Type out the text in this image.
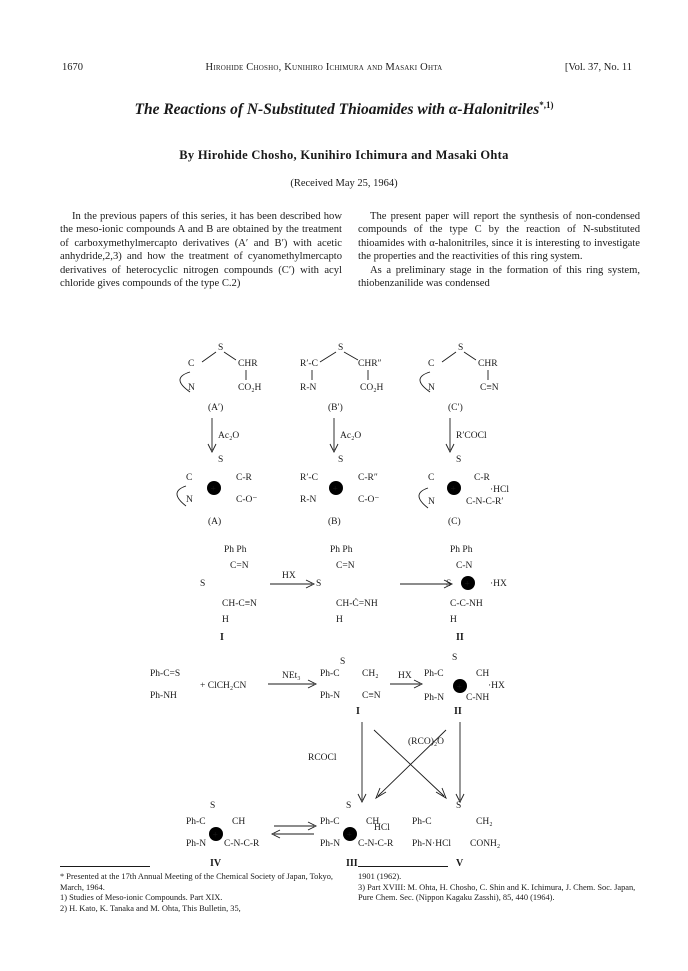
1670	Hirohide Chosho, Kunihiro Ichimura and Masaki Ohta	[Vol. 37, No. 11
The Reactions of N-Substituted Thioamides with α-Halonitriles$^{*,1)}$
By Hirohide Chosho, Kunihiro Ichimura and Masaki Ohta
(Received May 25, 1964)

In the previous papers of this series, it has been described how the meso-ionic compounds A and B are obtained by the treatment of carboxymethylmercapto derivatives (A′ and B′) with acetic anhydride,2,3) and how the treatment of cyanomethylmercapto derivatives of heterocyclic nitrogen compounds (C′) with acyl chloride gives compounds of the type C.2)

The present paper will report the synthesis of non-condensed compounds of the type C by the reaction of N-substituted thioamides with α-halonitriles, since it is interesting to investigate the properties and the reactivities of this ring system.

As a preliminary stage in the formation of this ring system, thiobenzanilide was condensed

S
C	CHR
N	CO₂H
(A′)
S
R′-C	CHR″
R-N	CO₂H
(B′)
S
C	CHR
N	C≡N
(C′)
Ac₂O	Ac₂O	R′COCl
S
C	C-R
+
N	C-O⁻
(A)
S
R′-C	C-R″
+
R-N	C-O⁻
(B)
S
C	C-R
+	·HCl
N	C-N-C-R′
(C)
Ph Ph
C=N
S
CH-C≡N
H
HX
Ph Ph
C=N
S
CH-Ċ=NH
H
Ph Ph
C-N
S + ·HX
C-C-NH
H
I	II
Ph-C=S
Ph-NH
+ ClCH₂CN
NEt₃
S
Ph-C CH₂
Ph-N C≡N
HX
S
Ph-C	CH
+	·HX
Ph-N C-NH
I	II
(RCO)₂O
RCOCl
S
Ph-C	CH
+
Ph-N C-N-C-R
S
Ph-C	CH
HCl
+
Ph-N C-N-C-R
S
Ph-C	CH₂
Ph-N·HCl CONH₂
IV	III	V
* Presented at the 17th Annual Meeting of the Chemical Society of Japan, Tokyo, March, 1964.
1) Studies of Meso-ionic Compounds. Part XIX.
2) H. Kato, K. Tanaka and M. Ohta, This Bulletin, 35,
1901 (1962).
3) Part XVIII: M. Ohta, H. Chosho, C. Shin and K. Ichimura, J. Chem. Soc. Japan, Pure Chem. Sec. (Nippon Kagaku Zasshi), 85, 440 (1964).
